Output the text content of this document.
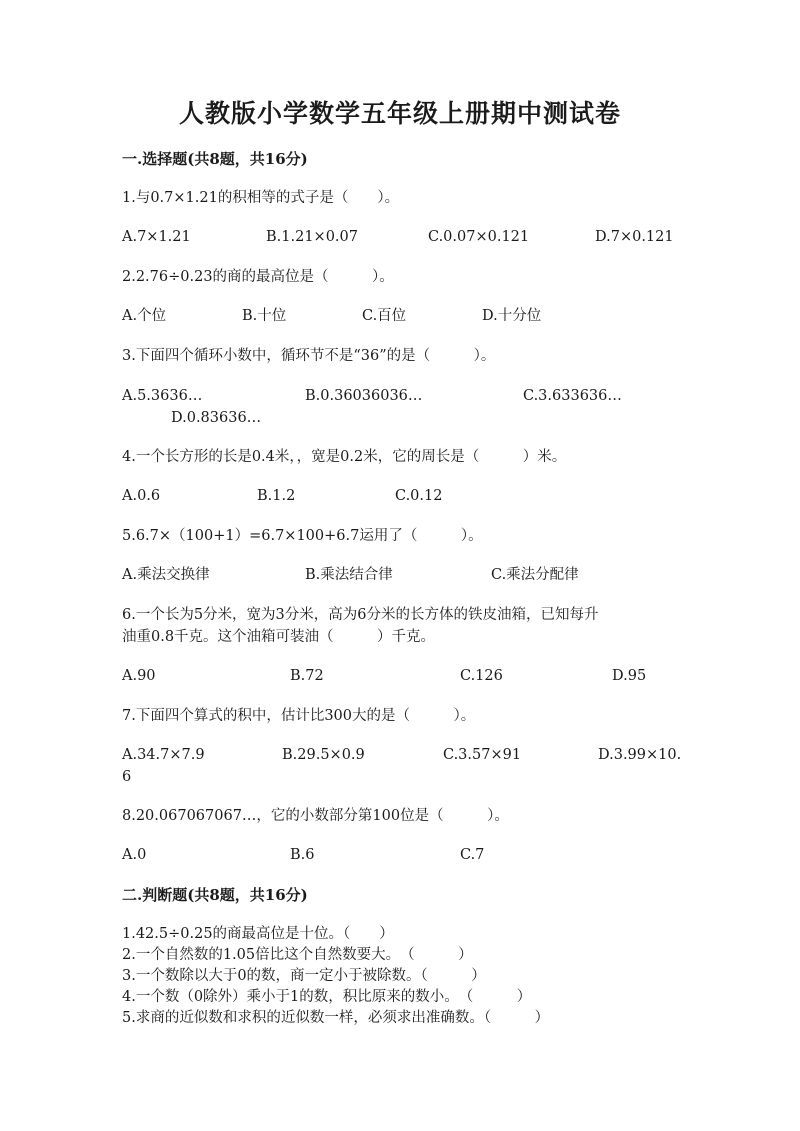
人教版小学数学五年级上册期中测试卷
一.选择题(共8题，共16分)
1.与0.7×1.21的积相等的式子是（　　）。
A.7×1.21	B.1.21×0.07	C.0.07×0.121	D.7×0.121
2.2.76÷0.23的商的最高位是（　　　）。
A.个位	B.十位	C.百位	D.十分位
3.下面四个循环小数中，循环节不是“36”的是（　　　）。
A.5.3636…	B.0.36036036…	C.3.633636…
D.0.83636…
4.一个长方形的长是0.4米，，宽是0.2米，它的周长是（　　　）米。
A.0.6	B.1.2	C.0.12
5.6.7×（100+1）=6.7×100+6.7运用了（　　　）。
A.乘法交换律	B.乘法结合律	C.乘法分配律
6.一个长为5分米，宽为3分米，高为6分米的长方体的铁皮油箱，已知每升
油重0.8千克。这个油箱可装油（　　　）千克。
A.90	B.72	C.126	D.95
7.下面四个算式的积中，估计比300大的是（　　　）。
A.34.7×7.9	B.29.5×0.9	C.3.57×91	D.3.99×10.
6
8.20.067067067…，它的小数部分第100位是（　　　）。
A.0	B.6	C.7
二.判断题(共8题，共16分)
1.42.5÷0.25的商最高位是十位。（　　）
2.一个自然数的1.05倍比这个自然数要大。　（　　　）
3.一个数除以大于0的数，商一定小于被除数。（　　　）
4.一个数（0除外）乘小于1的数，积比原来的数小。　（　　　）
5.求商的近似数和求积的近似数一样，必须求出准确数。（　　　）
